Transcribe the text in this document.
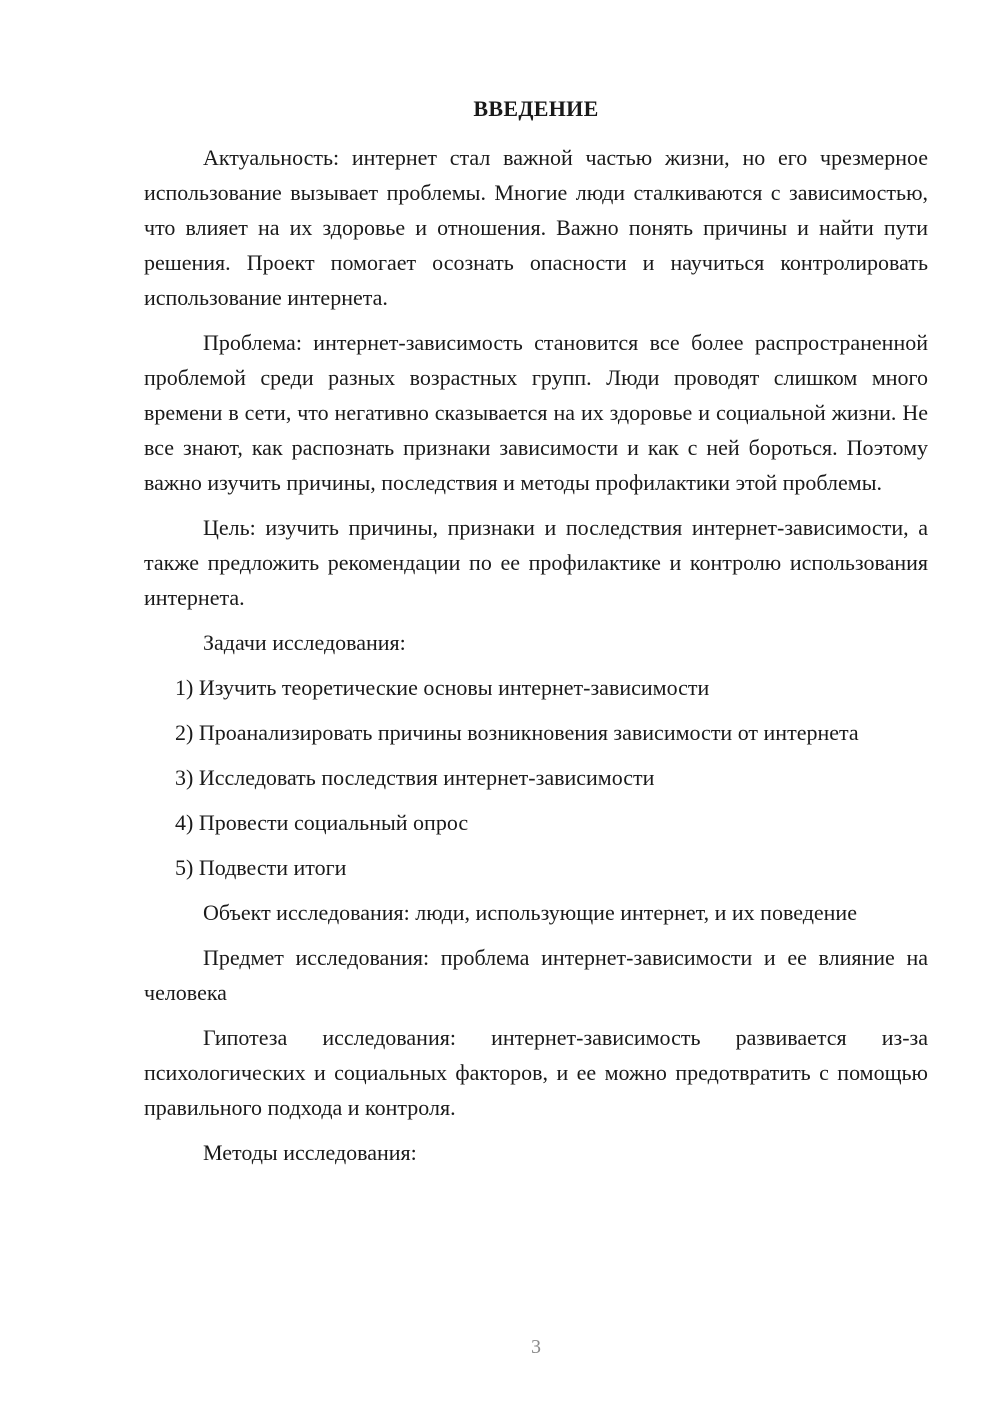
ВВЕДЕНИЕ

Актуальность: интернет стал важной частью жизни, но его чрезмерное использование вызывает проблемы. Многие люди сталкиваются с зависимостью, что влияет на их здоровье и отношения. Важно понять причины и найти пути решения. Проект помогает осознать опасности и научиться контролировать использование интернета.

Проблема: интернет-зависимость становится все более распространенной проблемой среди разных возрастных групп. Люди проводят слишком много времени в сети, что негативно сказывается на их здоровье и социальной жизни. Не все знают, как распознать признаки зависимости и как с ней бороться. Поэтому важно изучить причины, последствия и методы профилактики этой проблемы.

Цель: изучить причины, признаки и последствия интернет-зависимости, а также предложить рекомендации по ее профилактике и контролю использования интернета.

Задачи исследования:

1) Изучить теоретические основы интернет-зависимости

2) Проанализировать причины возникновения зависимости от интернета

3) Исследовать последствия интернет-зависимости

4) Провести социальный опрос

5) Подвести итоги

Объект исследования: люди, использующие интернет, и их поведение

Предмет исследования: проблема интернет-зависимости и ее влияние на человека

Гипотеза исследования: интернет-зависимость развивается из-за психологических и социальных факторов, и ее можно предотвратить с помощью правильного подхода и контроля.

Методы исследования:

3
